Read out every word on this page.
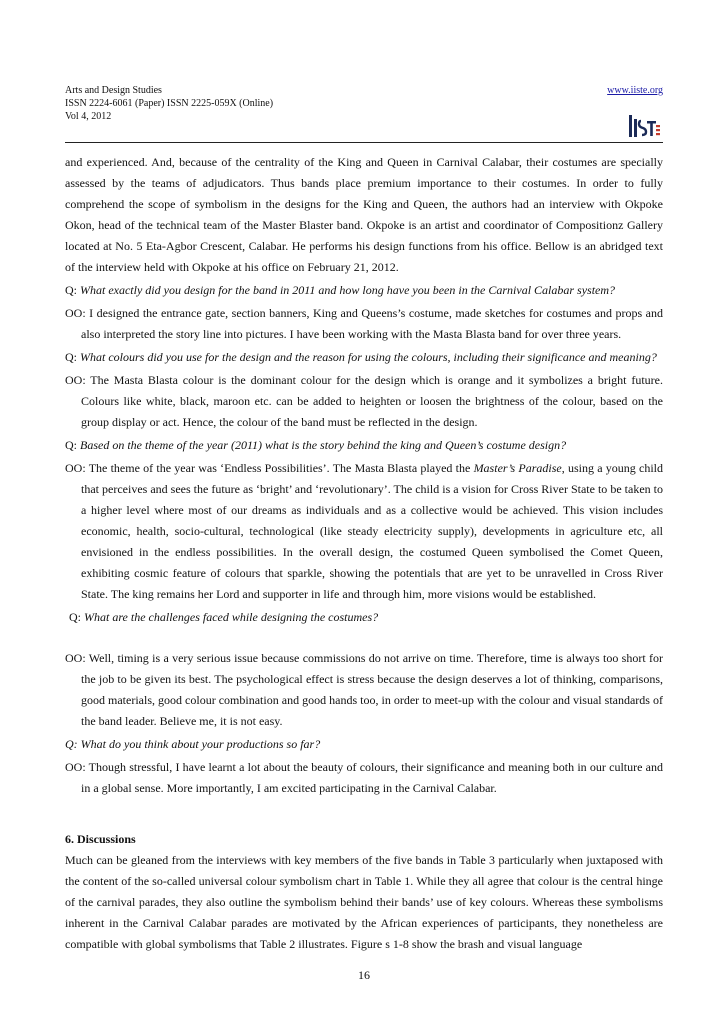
Arts and Design Studies	www.iiste.org
ISSN 2224-6061 (Paper) ISSN 2225-059X (Online)
Vol 4, 2012

and experienced. And, because of the centrality of the King and Queen in Carnival Calabar, their costumes are specially assessed by the teams of adjudicators. Thus bands place premium importance to their costumes. In order to fully comprehend the scope of symbolism in the designs for the King and Queen, the authors had an interview with Okpoke Okon, head of the technical team of the Master Blaster band. Okpoke is an artist and coordinator of Compositionz Gallery located at No. 5 Eta-Agbor Crescent, Calabar. He performs his design functions from his office. Bellow is an abridged text of the interview held with Okpoke at his office on February 21, 2012.

Q: What exactly did you design for the band in 2011 and how long have you been in the Carnival Calabar system?

OO: I designed the entrance gate, section banners, King and Queens’s costume, made sketches for costumes and props and also interpreted the story line into pictures. I have been working with the Masta Blasta band for over three years.

Q: What colours did you use for the design and the reason for using the colours, including their significance and meaning?

OO: The Masta Blasta colour is the dominant colour for the design which is orange and it symbolizes a bright future. Colours like white, black, maroon etc. can be added to heighten or loosen the brightness of the colour, based on the group display or act. Hence, the colour of the band must be reflected in the design.

Q: Based on the theme of the year (2011) what is the story behind the king and Queen’s costume design?

OO: The theme of the year was ‘Endless Possibilities’. The Masta Blasta played the Master’s Paradise, using a young child that perceives and sees the future as ‘bright’ and ‘revolutionary’. The child is a vision for Cross River State to be taken to a higher level where most of our dreams as individuals and as a collective would be achieved. This vision includes economic, health, socio-cultural, technological (like steady electricity supply), developments in agriculture etc, all envisioned in the endless possibilities. In the overall design, the costumed Queen symbolised the Comet Queen, exhibiting cosmic feature of colours that sparkle, showing the potentials that are yet to be unravelled in Cross River State. The king remains her Lord and supporter in life and through him, more visions would be established.

Q: What are the challenges faced while designing the costumes?

OO: Well, timing is a very serious issue because commissions do not arrive on time. Therefore, time is always too short for the job to be given its best. The psychological effect is stress because the design deserves a lot of thinking, comparisons, good materials, good colour combination and good hands too, in order to meet-up with the colour and visual standards of the band leader. Believe me, it is not easy.

Q: What do you think about your productions so far?

OO: Though stressful, I have learnt a lot about the beauty of colours, their significance and meaning both in our culture and in a global sense. More importantly, I am excited participating in the Carnival Calabar.

6. Discussions

Much can be gleaned from the interviews with key members of the five bands in Table 3 particularly when juxtaposed with the content of the so-called universal colour symbolism chart in Table 1. While they all agree that colour is the central hinge of the carnival parades, they also outline the symbolism behind their bands’ use of key colours. Whereas these symbolisms inherent in the Carnival Calabar parades are motivated by the African experiences of participants, they nonetheless are compatible with global symbolisms that Table 2 illustrates. Figure s 1-8 show the brash and visual language

16
